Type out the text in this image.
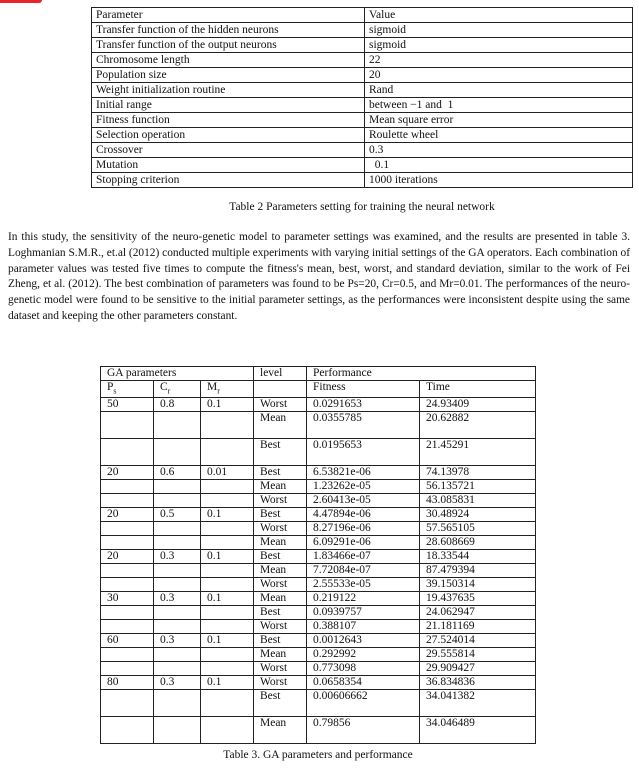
Parameter	Value
Transfer function of the hidden neurons	sigmoid
Transfer function of the output neurons	sigmoid
Chromosome length	22
Population size	20
Weight initialization routine	Rand
Initial range	between −1 and  1
Fitness function	Mean square error
Selection operation	Roulette wheel
Crossover	0.3
Mutation	0.1
Stopping criterion	1000 iterations
Table 2 Parameters setting for training the neural network

In this study, the sensitivity of the neuro-genetic model to parameter settings was examined, and the results are presented in table 3. Loghmanian S.M.R., et.al (2012) conducted multiple experiments with varying initial settings of the GA operators. Each combination of parameter values was tested five times to compute the fitness's mean, best, worst, and standard deviation, similar to the work of Fei Zheng, et al. (2012). The best combination of parameters was found to be Ps=20, Cr=0.5, and Mr=0.01. The performances of the neuro-genetic model were found to be sensitive to the initial parameter settings, as the performances were inconsistent despite using the same dataset and keeping the other parameters constant.

GA parameters			level	Performance	
$P_s$	$C_r$	$M_r$		Fitness	Time
50	0.8	0.1	Worst	0.0291653	24.93409
			Mean	0.0355785	20.62882
			Best	0.0195653	21.45291
20	0.6	0.01	Best	6.53821e-06	74.13978
			Mean	1.23262e-05	56.135721
			Worst	2.60413e-05	43.085831
20	0.5	0.1	Best	4.47894e-06	30.48924
			Worst	8.27196e-06	57.565105
			Mean	6.09291e-06	28.608669
20	0.3	0.1	Best	1.83466e-07	18.33544
			Mean	7.72084e-07	87.479394
			Worst	2.55533e-05	39.150314
30	0.3	0.1	Mean	0.219122	19.437635
			Best	0.0939757	24.062947
			Worst	0.388107	21.181169
60	0.3	0.1	Best	0.0012643	27.524014
			Mean	0.292992	29.555814
			Worst	0.773098	29.909427
80	0.3	0.1	Worst	0.0658354	36.834836
			Best	0.00606662	34.041382
			Mean	0.79856	34.046489
Table 3. GA parameters and performance
